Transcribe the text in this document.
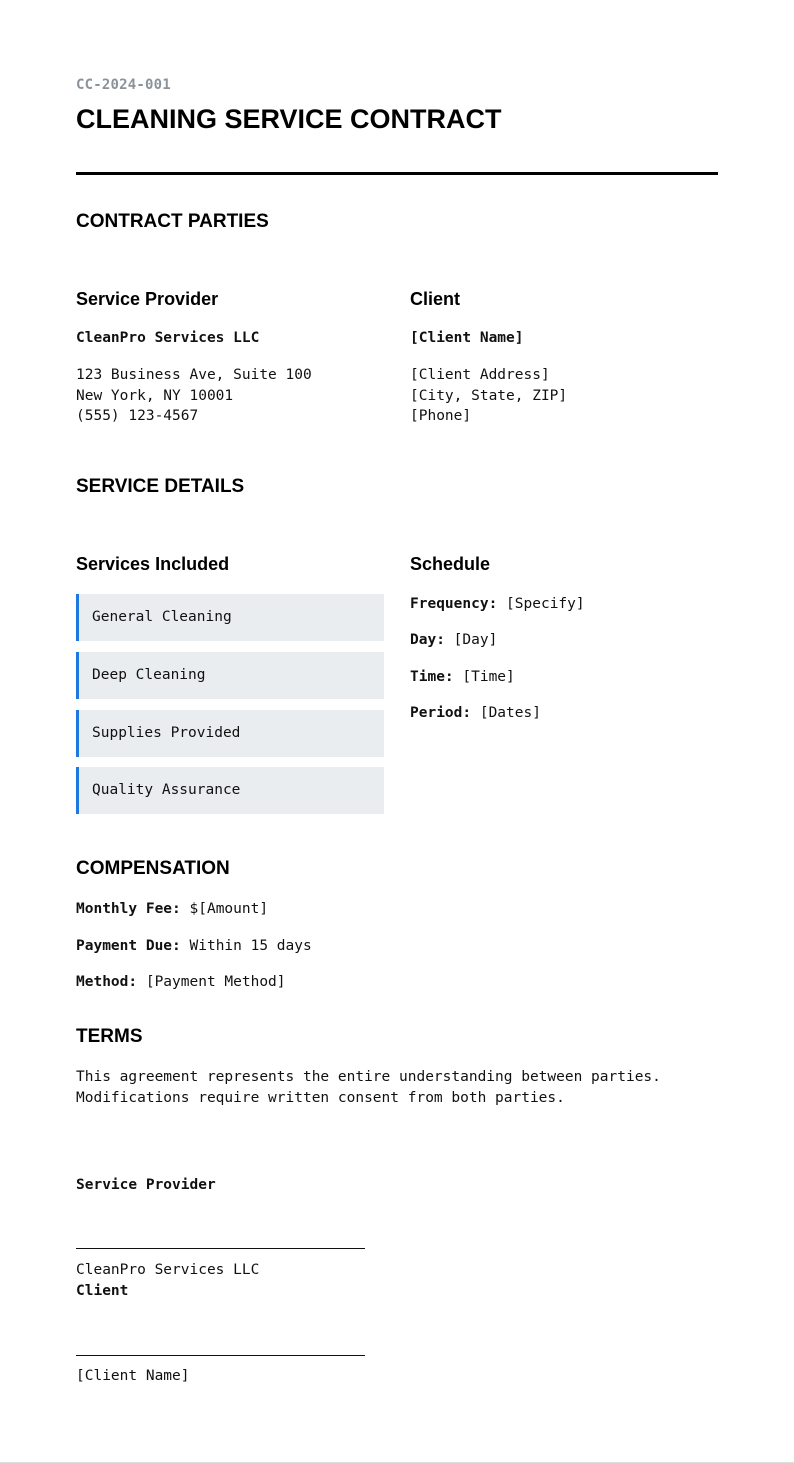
CC-2024-001
CLEANING SERVICE CONTRACT
CONTRACT PARTIES
Service Provider
CleanPro Services LLC
123 Business Ave, Suite 100
New York, NY 10001
(555) 123-4567
Client
[Client Name]
[Client Address]
[City, State, ZIP]
[Phone]
SERVICE DETAILS
Services Included
General Cleaning
Deep Cleaning
Supplies Provided
Quality Assurance
Schedule
Frequency: [Specify]
Day: [Day]
Time: [Time]
Period: [Dates]
COMPENSATION
Monthly Fee: $[Amount]
Payment Due: Within 15 days
Method: [Payment Method]
TERMS
This agreement represents the entire understanding between parties.
Modifications require written consent from both parties.
Service Provider
CleanPro Services LLC
Client
[Client Name]
